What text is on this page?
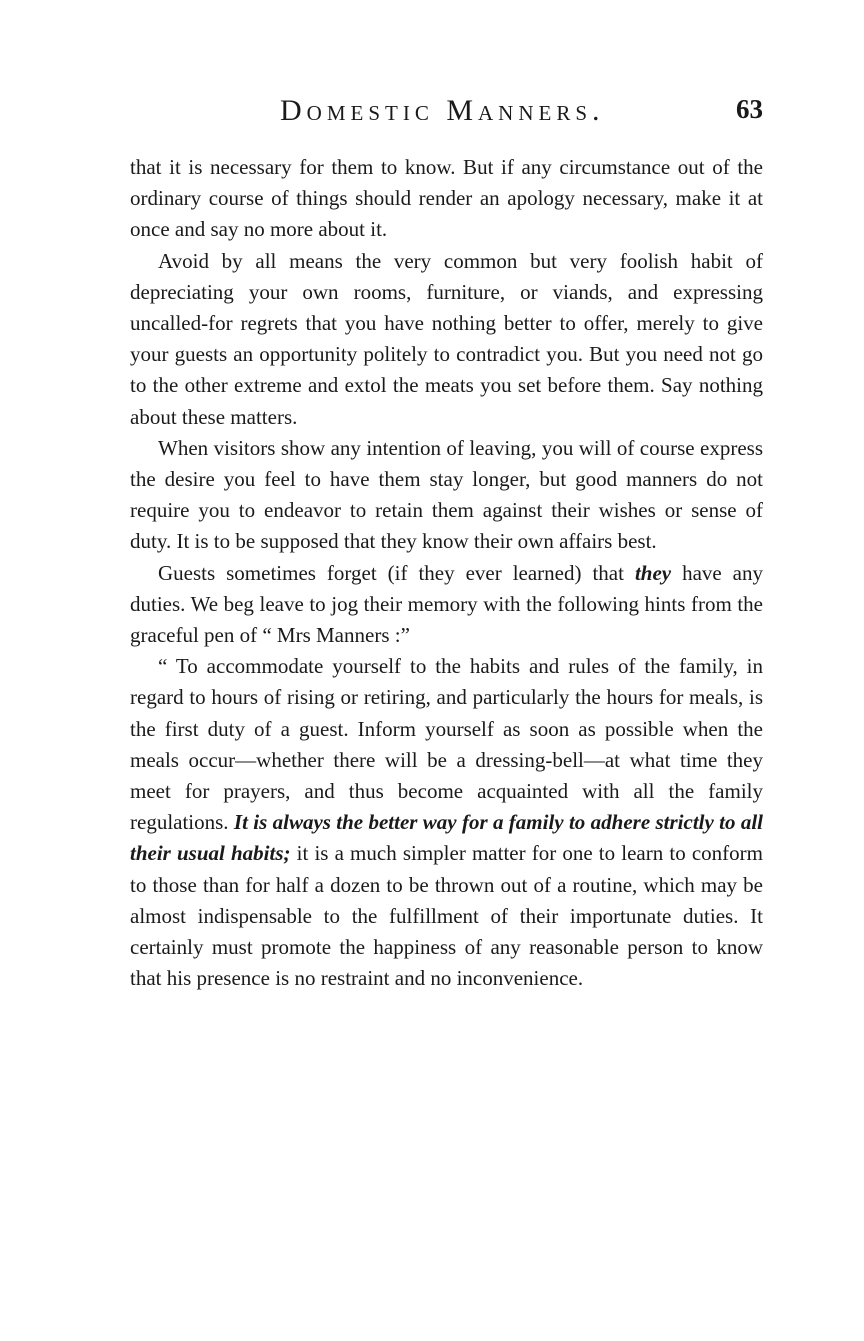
Domestic Manners.	63

that it is necessary for them to know. But if any circumstance out of the ordinary course of things should render an apology necessary, make it at once and say no more about it.

Avoid by all means the very common but very foolish habit of depreciating your own rooms, furniture, or viands, and expressing uncalled-for regrets that you have nothing better to offer, merely to give your guests an opportunity politely to contradict you. But you need not go to the other extreme and extol the meats you set before them. Say nothing about these matters.

When visitors show any intention of leaving, you will of course express the desire you feel to have them stay longer, but good manners do not require you to endeavor to retain them against their wishes or sense of duty. It is to be supposed that they know their own affairs best.

Guests sometimes forget (if they ever learned) that they have any duties. We beg leave to jog their memory with the following hints from the graceful pen of “ Mrs Manners :”

“ To accommodate yourself to the habits and rules of the family, in regard to hours of rising or retiring, and particularly the hours for meals, is the first duty of a guest. Inform yourself as soon as possible when the meals occur—whether there will be a dressing-bell—at what time they meet for prayers, and thus become acquainted with all the family regulations. It is always the better way for a family to adhere strictly to all their usual habits; it is a much simpler matter for one to learn to conform to those than for half a dozen to be thrown out of a routine, which may be almost indispensable to the fulfillment of their importunate duties. It certainly must promote the happiness of any reasonable person to know that his presence is no restraint and no inconvenience.
